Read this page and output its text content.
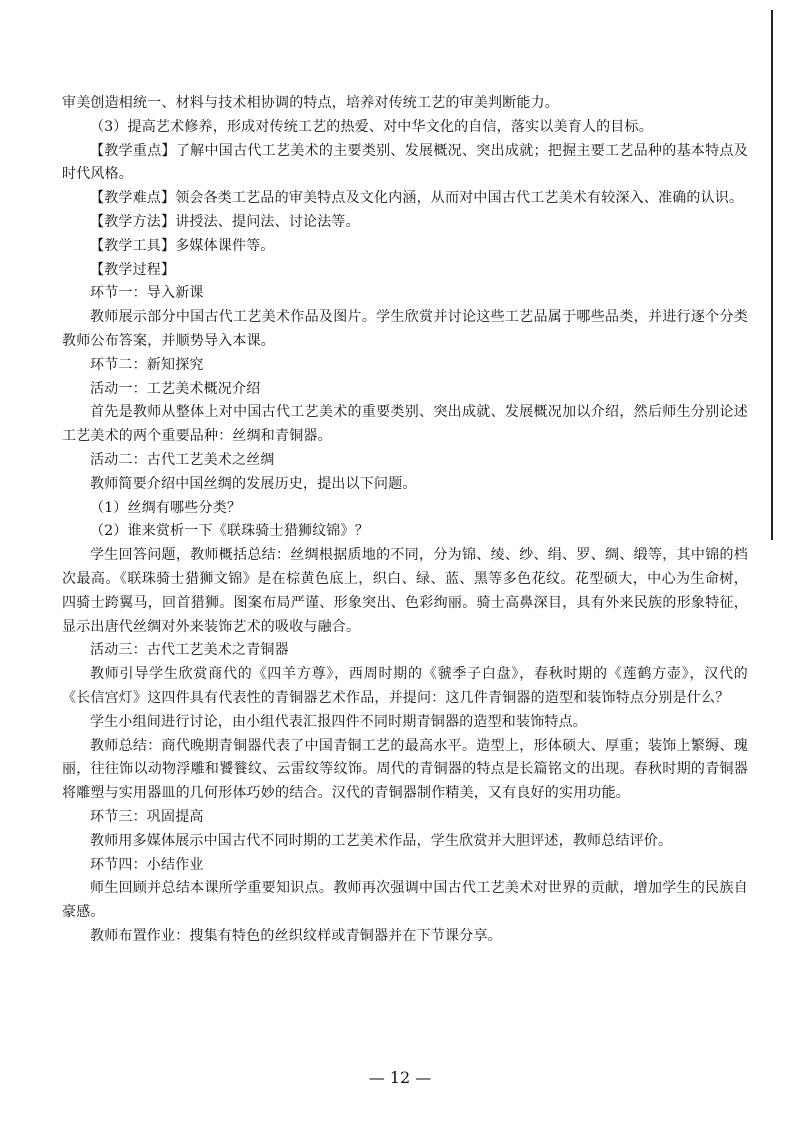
审美创造相统一、材料与技术相协调的特点，培养对传统工艺的审美判断能力。

（3）提高艺术修养，形成对传统工艺的热爱、对中华文化的自信，落实以美育人的目标。

【教学重点】了解中国古代工艺美术的主要类别、发展概况、突出成就；把握主要工艺品种的基本特点及时代风格。

【教学难点】领会各类工艺品的审美特点及文化内涵，从而对中国古代工艺美术有较深入、准确的认识。

【教学方法】讲授法、提问法、讨论法等。

【教学工具】多媒体课件等。

【教学过程】

环节一：导入新课

教师展示部分中国古代工艺美术作品及图片。学生欣赏并讨论这些工艺品属于哪些品类，并进行逐个分类教师公布答案，并顺势导入本课。

环节二：新知探究

活动一：工艺美术概况介绍

首先是教师从整体上对中国古代工艺美术的重要类别、突出成就、发展概况加以介绍，然后师生分别论述工艺美术的两个重要品种：丝绸和青铜器。

活动二：古代工艺美术之丝绸

教师简要介绍中国丝绸的发展历史，提出以下问题。

（1）丝绸有哪些分类？

（2）谁来赏析一下《联珠骑士猎狮纹锦》？

学生回答问题，教师概括总结：丝绸根据质地的不同，分为锦、绫、纱、绢、罗、绸、缎等，其中锦的档次最高。《联珠骑士猎狮文锦》是在棕黄色底上，织白、绿、蓝、黑等多色花纹。花型硕大，中心为生命树，四骑士跨翼马，回首猎狮。图案布局严谨、形象突出、色彩绚丽。骑士高鼻深目，具有外来民族的形象特征，显示出唐代丝绸对外来装饰艺术的吸收与融合。

活动三：古代工艺美术之青铜器

教师引导学生欣赏商代的《四羊方尊》，西周时期的《虢季子白盘》，春秋时期的《莲鹤方壶》，汉代的《长信宫灯》这四件具有代表性的青铜器艺术作品，并提问：这几件青铜器的造型和装饰特点分别是什么？

学生小组间进行讨论，由小组代表汇报四件不同时期青铜器的造型和装饰特点。

教师总结：商代晚期青铜器代表了中国青铜工艺的最高水平。造型上，形体硕大、厚重；装饰上繁缛、瑰丽，往往饰以动物浮雕和饕餮纹、云雷纹等纹饰。周代的青铜器的特点是长篇铭文的出现。春秋时期的青铜器将雕塑与实用器皿的几何形体巧妙的结合。汉代的青铜器制作精美，又有良好的实用功能。

环节三：巩固提高

教师用多媒体展示中国古代不同时期的工艺美术作品，学生欣赏并大胆评述，教师总结评价。

环节四：小结作业

师生回顾并总结本课所学重要知识点。教师再次强调中国古代工艺美术对世界的贡献，增加学生的民族自豪感。

教师布置作业：搜集有特色的丝织纹样或青铜器并在下节课分享。

— 12 —
